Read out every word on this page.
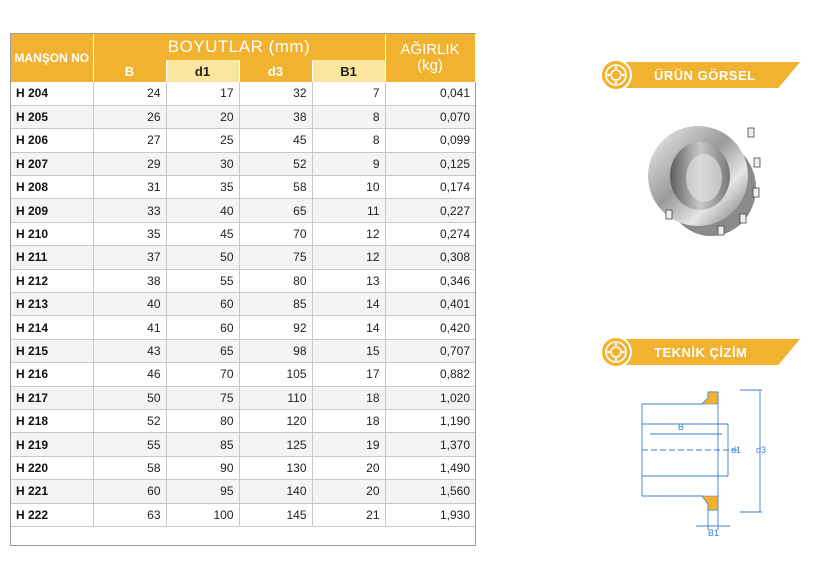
MANŞON NO	BOYUTLAR (mm)				AĞIRLIK (kg)
	B	d1	d3	B1	
H 204	24	17	32	7	0,041
H 205	26	20	38	8	0,070
H 206	27	25	45	8	0,099
H 207	29	30	52	9	0,125
H 208	31	35	58	10	0,174
H 209	33	40	65	11	0,227
H 210	35	45	70	12	0,274
H 211	37	50	75	12	0,308
H 212	38	55	80	13	0,346
H 213	40	60	85	14	0,401
H 214	41	60	92	14	0,420
H 215	43	65	98	15	0,707
H 216	46	70	105	17	0,882
H 217	50	75	110	18	1,020
H 218	52	80	120	18	1,190
H 219	55	85	125	19	1,370
H 220	58	90	130	20	1,490
H 221	60	95	140	20	1,560
H 222	63	100	145	21	1,930
ÜRÜN GÖRSEL
TEKNİK ÇİZİM
B
d1 d3
B1
